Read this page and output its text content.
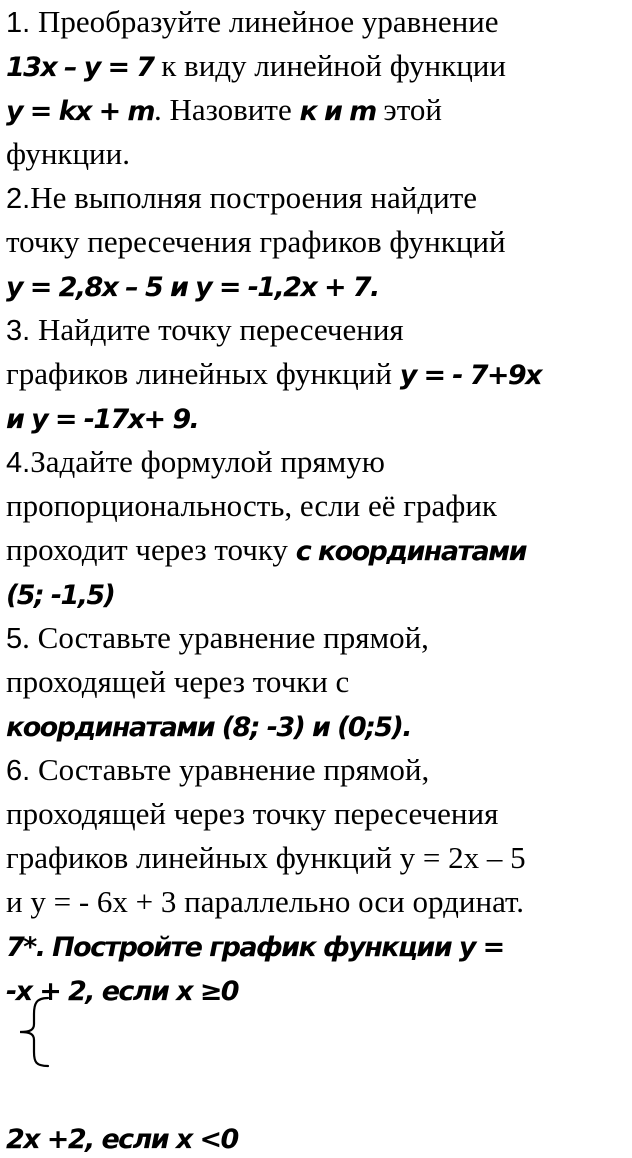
1. Преобразуйте линейное уравнение
13x – y = 7 к виду линейной функции
y = kx + m. Назовите к и m этой
функции.
2.Не выполняя построения найдите
точку пересечения графиков функций
y = 2,8x – 5 и y = -1,2x + 7.
3. Найдите точку пересечения
графиков линейных функций y = - 7+9x
и y = -17x+ 9.
4.Задайте формулой прямую
пропорциональность, если её график
проходит через точку с координатами
(5; -1,5)
5. Составьте уравнение прямой,
проходящей через точки с
координатами (8; -3) и (0;5).
6. Составьте уравнение прямой,
проходящей через точку пересечения
графиков линейных функций у = 2х – 5
и у = - 6х + 3 параллельно оси ординат.
7*. Постройте график функции y =
-x + 2, если x ≥0
2x +2, если x <0
